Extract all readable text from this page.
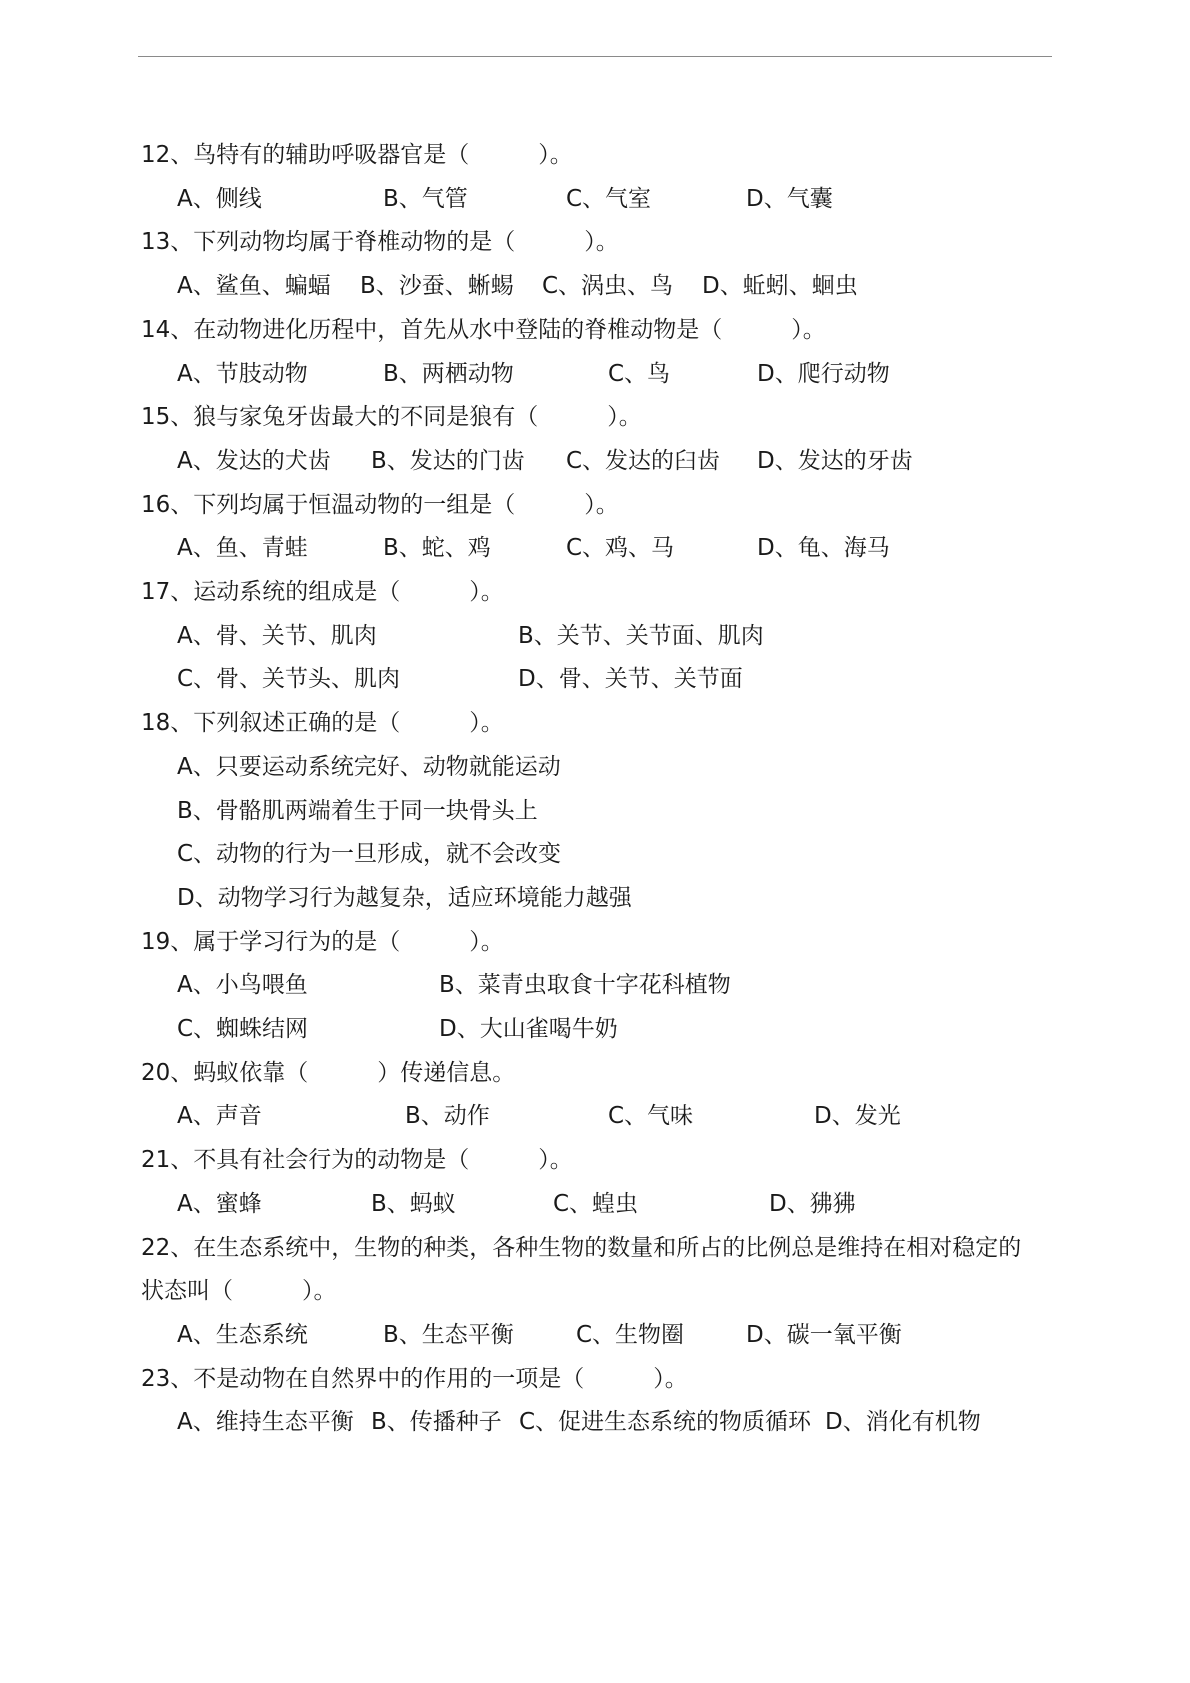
12、鸟特有的辅助呼吸器官是（　　　）。
A、侧线	B、气管	C、气室	D、气囊
13、下列动物均属于脊椎动物的是（　　　）。
A、鲨鱼、蝙蝠 B、沙蚕、蜥蜴 C、涡虫、鸟 D、蚯蚓、蛔虫
14、在动物进化历程中，首先从水中登陆的脊椎动物是（　　　）。
A、节肢动物	B、两栖动物	C、鸟	D、爬行动物
15、狼与家兔牙齿最大的不同是狼有（　　　）。
A、发达的犬齿 B、发达的门齿 C、发达的臼齿 D、发达的牙齿
16、下列均属于恒温动物的一组是（　　　）。
A、鱼、青蛙	B、蛇、鸡	C、鸡、马	D、龟、海马
17、运动系统的组成是（　　　）。
A、骨、关节、肌肉	B、关节、关节面、肌肉
C、骨、关节头、肌肉	D、骨、关节、关节面
18、下列叙述正确的是（　　　）。
A、只要运动系统完好、动物就能运动
B、骨骼肌两端着生于同一块骨头上
C、动物的行为一旦形成，就不会改变
D、动物学习行为越复杂，适应环境能力越强
19、属于学习行为的是（　　　）。
A、小鸟喂鱼	B、菜青虫取食十字花科植物
C、蜘蛛结网	D、大山雀喝牛奶
20、蚂蚁依靠（　　　）传递信息。
A、声音	B、动作	C、气味	D、发光
21、不具有社会行为的动物是（　　　）。
A、蜜蜂	B、蚂蚁	C、蝗虫	D、狒狒
22、在生态系统中，生物的种类，各种生物的数量和所占的比例总是维持在相对稳定的
状态叫（　　　）。
A、生态系统	B、生态平衡	C、生物圈	D、碳一氧平衡
23、不是动物在自然界中的作用的一项是（　　　）。
A、维持生态平衡 B、传播种子 C、促进生态系统的物质循环 D、消化有机物
